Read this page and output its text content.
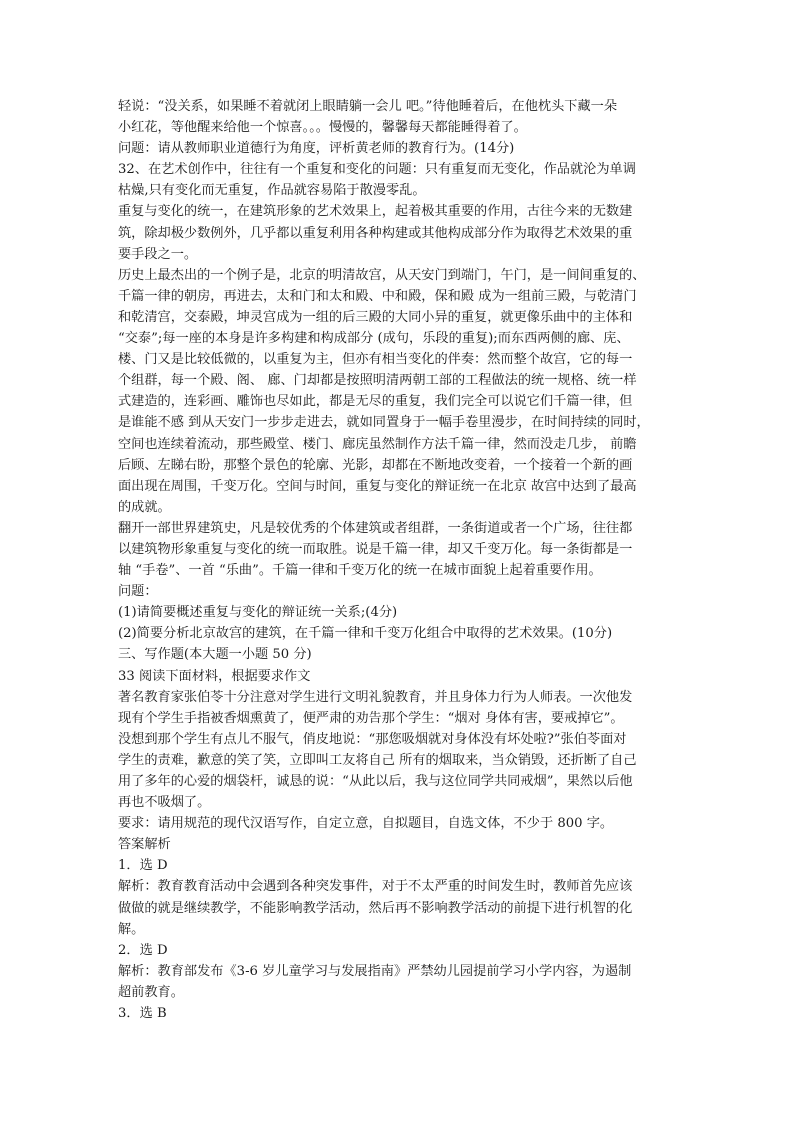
轻说：“没关系，如果睡不着就闭上眼睛躺一会儿 吧。”待他睡着后，在他枕头下藏一朵
小红花，等他醒来给他一个惊喜。。。慢慢的，馨馨每天都能睡得着了。
问题：请从教师职业道德行为角度，评析黄老师的教育行为。(14分)
32、在艺术创作中，往往有一个重复和变化的问题：只有重复而无变化，作品就沦为单调
枯燥,只有变化而无重复，作品就容易陷于散漫零乱。
重复与变化的统一，在建筑形象的艺术效果上，起着极其重要的作用，古往今来的无数建
筑，除却极少数例外，几乎都以重复利用各种构建或其他构成部分作为取得艺术效果的重
要手段之一。
历史上最杰出的一个例子是，北京的明清故宫，从天安门到端门，午门，是一间间重复的、
千篇一律的朝房，再进去，太和门和太和殿、中和殿，保和殿 成为一组前三殿，与乾清门
和乾清宫，交泰殿，坤灵宫成为一组的后三殿的大同小异的重复，就更像乐曲中的主体和
“交泰”;每一座的本身是许多构建和构成部分 (成句，乐段的重复);而东西两侧的廊、庑、
楼、门又是比较低微的，以重复为主，但亦有相当变化的伴奏：然而整个故宫，它的每一
个组群，每一个殿、阁、 廊、门却都是按照明清两朝工部的工程做法的统一规格、统一样
式建造的，连彩画、雕饰也尽如此，都是无尽的重复，我们完全可以说它们千篇一律，但
是谁能不感 到从天安门一步步走进去，就如同置身于一幅手卷里漫步，在时间持续的同时，
空间也连续着流动，那些殿堂、楼门、廊庑虽然制作方法千篇一律，然而没走几步， 前瞻
后顾、左睇右盼，那整个景色的轮廓、光影，却都在不断地改变着，一个接着一个新的画
面出现在周围，千变万化。空间与时间，重复与变化的辩证统一在北京 故宫中达到了最高
的成就。
翻开一部世界建筑史，凡是较优秀的个体建筑或者组群，一条街道或者一个广场，往往都
以建筑物形象重复与变化的统一而取胜。说是千篇一律，却又千变万化。每一条街都是一
轴 “手卷”、一首 “乐曲”。千篇一律和千变万化的统一在城市面貌上起着重要作用。
问题：
(1)请简要概述重复与变化的辩证统一关系;(4分)
(2)简要分析北京故宫的建筑，在千篇一律和千变万化组合中取得的艺术效果。(10分)
三、写作题(本大题一小题 50 分)
33 阅读下面材料，根据要求作文
著名教育家张伯苓十分注意对学生进行文明礼貌教育，并且身体力行为人师表。一次他发
现有个学生手指被香烟熏黄了，便严肃的劝告那个学生：“烟对 身体有害，要戒掉它”。
没想到那个学生有点儿不服气，俏皮地说：“那您吸烟就对身体没有坏处啦?”张伯苓面对
学生的责难，歉意的笑了笑，立即叫工友将自己 所有的烟取来，当众销毁，还折断了自己
用了多年的心爱的烟袋杆，诚恳的说：“从此以后，我与这位同学共同戒烟”，果然以后他
再也不吸烟了。
要求：请用规范的现代汉语写作，自定立意，自拟题目，自选文体，不少于 800 字。
答案解析
1．选 D
解析：教育教育活动中会遇到各种突发事件，对于不太严重的时间发生时，教师首先应该
做做的就是继续教学，不能影响教学活动，然后再不影响教学活动的前提下进行机智的化
解。
2．选 D
解析：教育部发布《3-6 岁儿童学习与发展指南》严禁幼儿园提前学习小学内容，为遏制
超前教育。
3．选 B
